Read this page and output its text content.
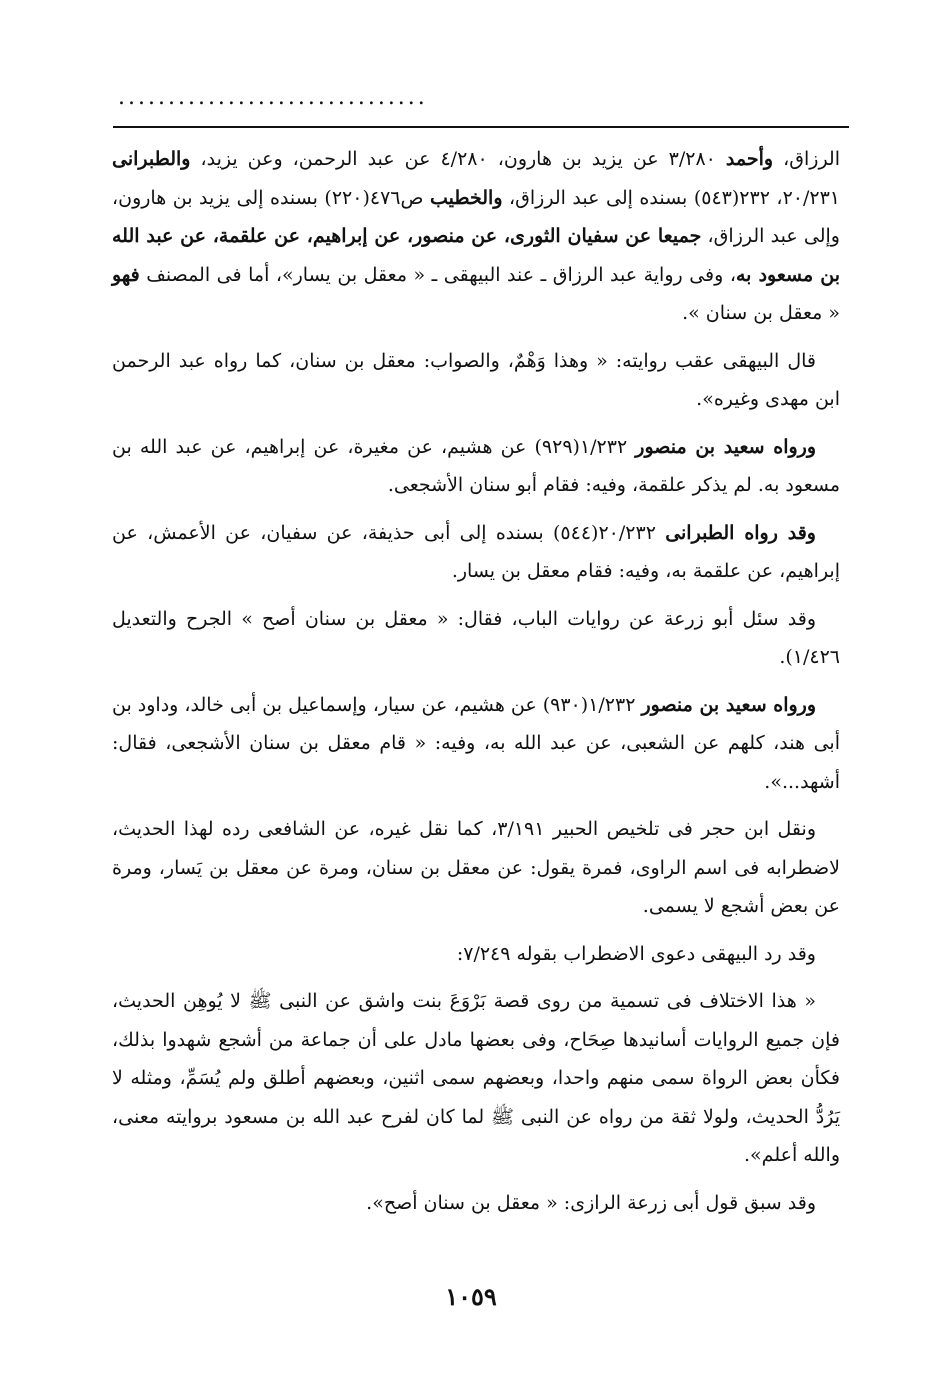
...............................

الرزاق، وأحمد ٣/٢٨٠ عن يزيد بن هارون، ٤/٢٨٠ عن عبد الرحمن، وعن يزيد، والطبرانى ٢٠/٢٣١، ٢٣٢(٥٤٣) بسنده إلى عبد الرزاق، والخطيب ص٤٧٦(٢٢٠) بسنده إلى يزيد بن هارون، وإلى عبد الرزاق، جميعا عن سفيان الثورى، عن منصور، عن إبراهيم، عن علقمة، عن عبد الله بن مسعود به، وفى رواية عبد الرزاق ـ عند البيهقى ـ « معقل بن يسار»، أما فى المصنف فهو « معقل بن سنان ».

قال البيهقى عقب روايته: « وهذا وَهْمٌ، والصواب: معقل بن سنان، كما رواه عبد الرحمن ابن مهدى وغيره».

ورواه سعيد بن منصور ١/٢٣٢(٩٢٩) عن هشيم، عن مغيرة، عن إبراهيم، عن عبد الله بن مسعود به. لم يذكر علقمة، وفيه: فقام أبو سنان الأشجعى.

وقد رواه الطبرانى ٢٠/٢٣٢(٥٤٤) بسنده إلى أبى حذيفة، عن سفيان، عن الأعمش، عن إبراهيم، عن علقمة به، وفيه: فقام معقل بن يسار.

وقد سئل أبو زرعة عن روايات الباب، فقال: « معقل بن سنان أصح » الجرح والتعديل ١/٤٢٦).

ورواه سعيد بن منصور ١/٢٣٢(٩٣٠) عن هشيم، عن سيار، وإسماعيل بن أبى خالد، وداود بن أبى هند، كلهم عن الشعبى، عن عبد الله به، وفيه: « قام معقل بن سنان الأشجعى، فقال: أشهد...».

ونقل ابن حجر فى تلخيص الحبير ٣/١٩١، كما نقل غيره، عن الشافعى رده لهذا الحديث، لاضطرابه فى اسم الراوى، فمرة يقول: عن معقل بن سنان، ومرة عن معقل بن يَسار، ومرة عن بعض أشجع لا يسمى.

وقد رد البيهقى دعوى الاضطراب بقوله ٧/٢٤٩:

« هذا الاختلاف فى تسمية من روى قصة بَرْوَعَ بنت واشق عن النبى ﷺ لا يُوهِن الحديث، فإن جميع الروايات أسانيدها صِحَاح، وفى بعضها مادل على أن جماعة من أشجع شهدوا بذلك، فكأن بعض الرواة سمى منهم واحدا، وبعضهم سمى اثنين، وبعضهم أطلق ولم يُسَمِّ، ومثله لا يَرُدُّ الحديث، ولولا ثقة من رواه عن النبى ﷺ لما كان لفرح عبد الله بن مسعود بروايته معنى، والله أعلم».

وقد سبق قول أبى زرعة الرازى: « معقل بن سنان أصح».

١٠٥٩
